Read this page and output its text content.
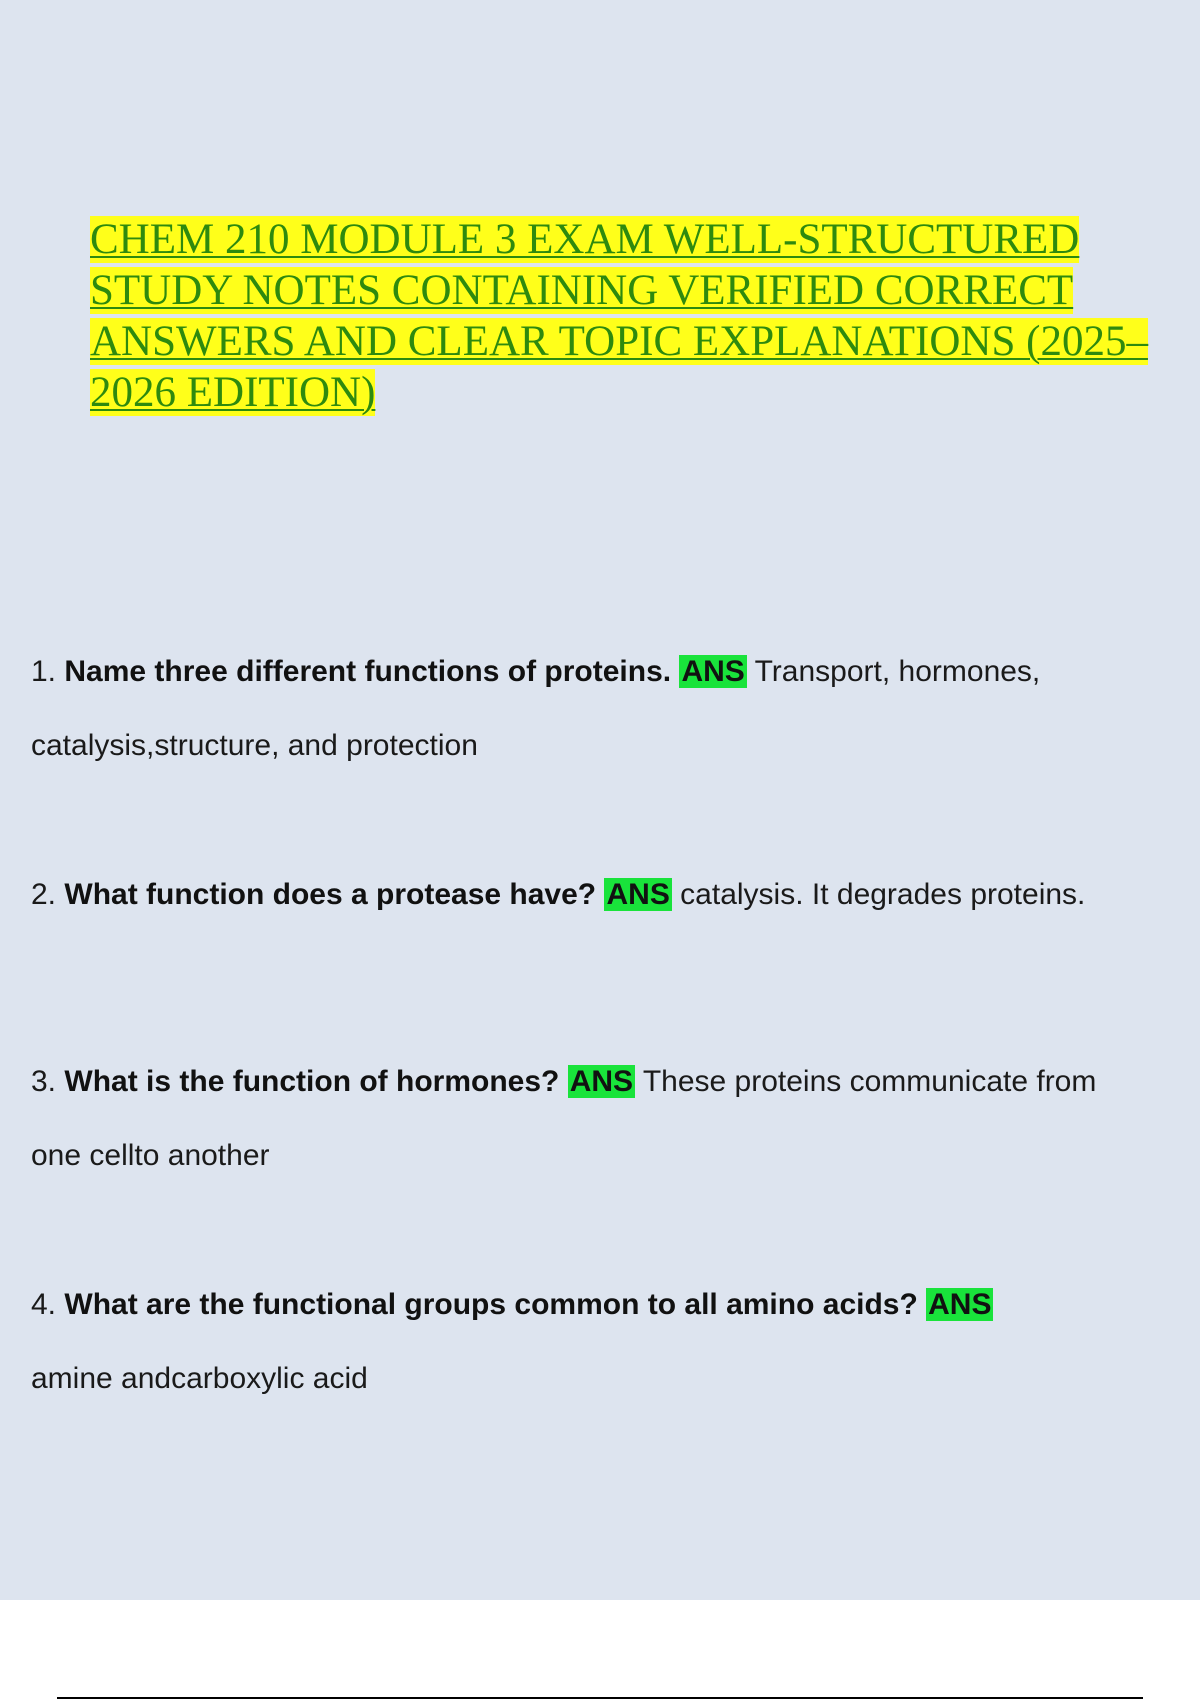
CHEM 210 MODULE 3 EXAM WELL-STRUCTURED
STUDY NOTES CONTAINING VERIFIED CORRECT
ANSWERS AND CLEAR TOPIC EXPLANATIONS (2025–
2026 EDITION)
1. Name three different functions of proteins. ANS Transport, hormones,
catalysis,structure, and protection
2. What function does a protease have? ANS catalysis. It degrades proteins.
3. What is the function of hormones? ANS These proteins communicate from
one cellto another
4. What are the functional groups common to all amino acids? ANS
amine andcarboxylic acid
